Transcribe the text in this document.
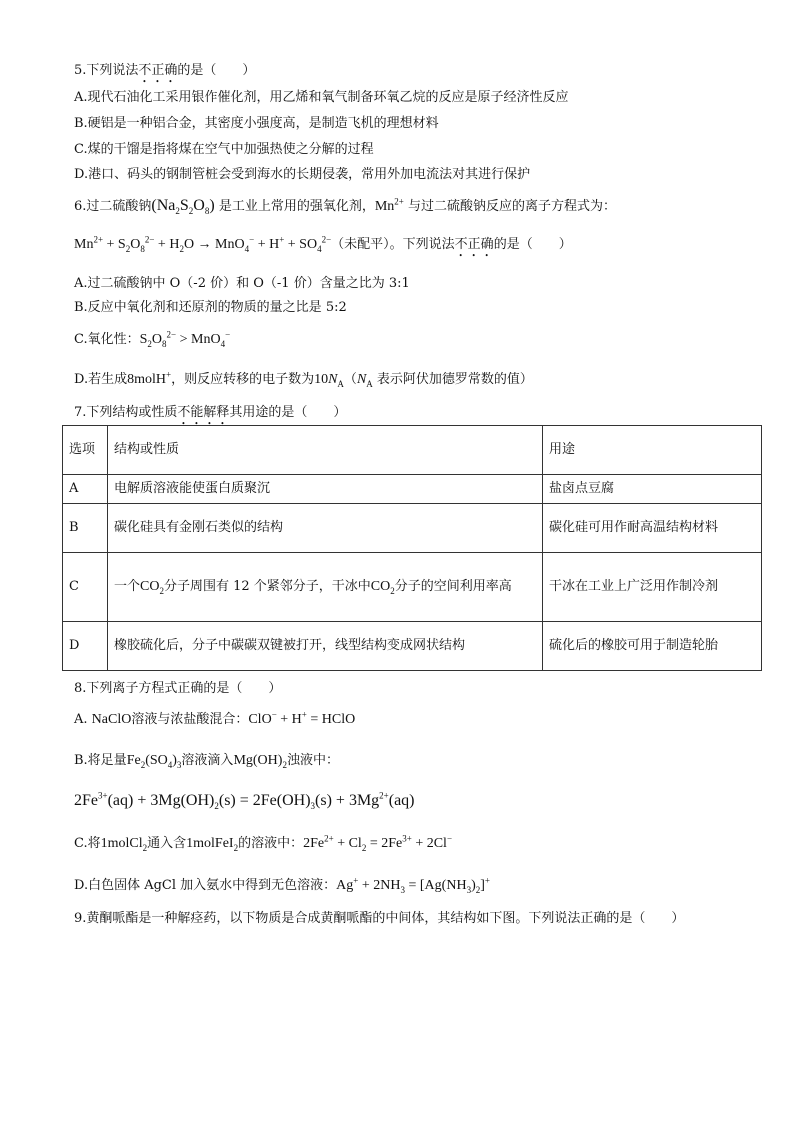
5.下列说法不正确的是（　　）
A.现代石油化工采用银作催化剂，用乙烯和氧气制备环氧乙烷的反应是原子经济性反应
B.硬铝是一种铝合金，其密度小强度高，是制造飞机的理想材料
C.煤的干馏是指将煤在空气中加强热使之分解的过程
D.港口、码头的钢制管桩会受到海水的长期侵袭，常用外加电流法对其进行保护
6.过二硫酸钠$(Na_2S_2O_8)$ 是工业上常用的强氧化剂，$Mn^{2+}$ 与过二硫酸钠反应的离子方程式为：
$Mn^{2+} + S_2O_8^{2-} + H_2O \to MnO_4^- + H^+ + SO_4^{2-}$（未配平）。下列说法不正确的是（　　）
A.过二硫酸钠中 O（-2 价）和 O（-1 价）含量之比为 3:1
B.反应中氧化剂和还原剂的物质的量之比是 5:2
C.氧化性：$S_2O_8^{2-} > MnO_4^-$
D.若生成8molH+，则反应转移的电子数为$10N_A(N_A$ 表示阿伏加德罗常数的值）
7.下列结构或性质不能解释其用途的是（　　）
选项	结构或性质	用途
A	电解质溶液能使蛋白质聚沉	盐卤点豆腐
B	碳化硅具有金刚石类似的结构	碳化硅可用作耐高温结构材料
C	一个$CO_2$分子周围有 12 个紧邻分子，干冰中$CO_2$分子的空间利用率高	干冰在工业上广泛用作制冷剂
D	橡胶硫化后，分子中碳碳双键被打开，线型结构变成网状结构	硫化后的橡胶可用于制造轮胎
8.下列离子方程式正确的是（　　）
A. NaClO溶液与浓盐酸混合：ClO− + H+ = HClO
B.将足量$Fe_2(SO_4)_3$溶液滴入$Mg(OH)_2$浊液中：
$2Fe^{3+}(aq) + 3Mg(OH)_2(s) = 2Fe(OH)_3(s) + 3Mg^{2+}(aq)$
C.将1molCl$_2$通入含1molFeI$_2$的溶液中：$2Fe^{2+} + Cl_2 = 2Fe^{3+} + 2Cl^-$
D.白色固体 AgCl 加入氨水中得到无色溶液：$Ag^+ + 2NH_3 = [Ag(NH_3)_2]^+$
9.黄酮哌酯是一种解痉药，以下物质是合成黄酮哌酯的中间体，其结构如下图。下列说法正确的是（　　）
